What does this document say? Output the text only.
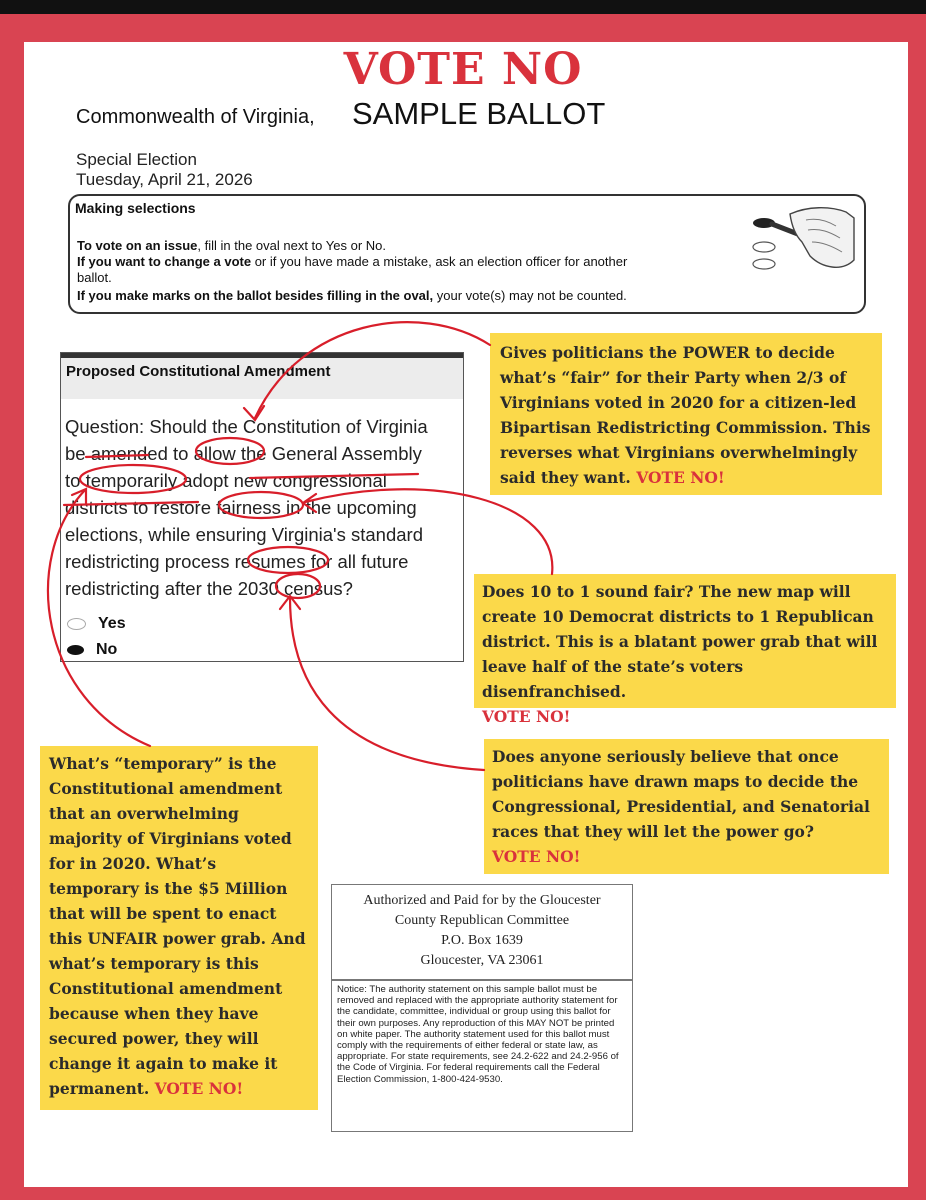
VOTE NO
Commonwealth of Virginia, SAMPLE BALLOT
Special Election
Tuesday, April 21, 2026
Making selections
To vote on an issue, fill in the oval next to Yes or No.
If you want to change a vote or if you have made a mistake, ask an election officer for another
ballot.
If you make marks on the ballot besides filling in the oval, your vote(s) may not be counted.
Proposed Constitutional Amendment
Question: Should the Constitution of Virginia
be amended to allow the General Assembly
to temporarily adopt new congressional
districts to restore fairness in the upcoming
elections, while ensuring Virginia's standard
redistricting process resumes for all future
redistricting after the 2030 census?
Yes
No
Gives politicians the POWER to decide what’s “fair” for their Party when 2/3 of Virginians voted in 2020 for a citizen-led Bipartisan Redistricting Commission. This reverses what Virginians overwhelmingly said they want. VOTE NO!
Does 10 to 1 sound fair? The new map will create 10 Democrat districts to 1 Republican district. This is a blatant power grab that will leave half of the state’s voters disenfranchised.
VOTE NO!
Does anyone seriously believe that once politicians have drawn maps to decide the Congressional, Presidential, and Senatorial races that they will let the power go?
VOTE NO!
What’s “temporary” is the Constitutional amendment that an overwhelming majority of Virginians voted for in 2020. What’s temporary is the $5 Million that will be spent to enact this UNFAIR power grab. And what’s temporary is this Constitutional amendment because when they have secured power, they will change it again to make it permanent. VOTE NO!
Authorized and Paid for by the Gloucester
County Republican Committee
P.O. Box 1639
Gloucester, VA 23061
Notice: The authority statement on this sample ballot must be removed and replaced with the appropriate authority statement for the candidate, committee, individual or group using this ballot for their own purposes. Any reproduction of this MAY NOT be printed on white paper. The authority statement used for this ballot must comply with the requirements of either federal or state law, as appropriate. For state requirements, see 24.2-622 and 24.2-956 of the Code of Virginia. For federal requirements call the Federal Election Commission, 1-800-424-9530.
